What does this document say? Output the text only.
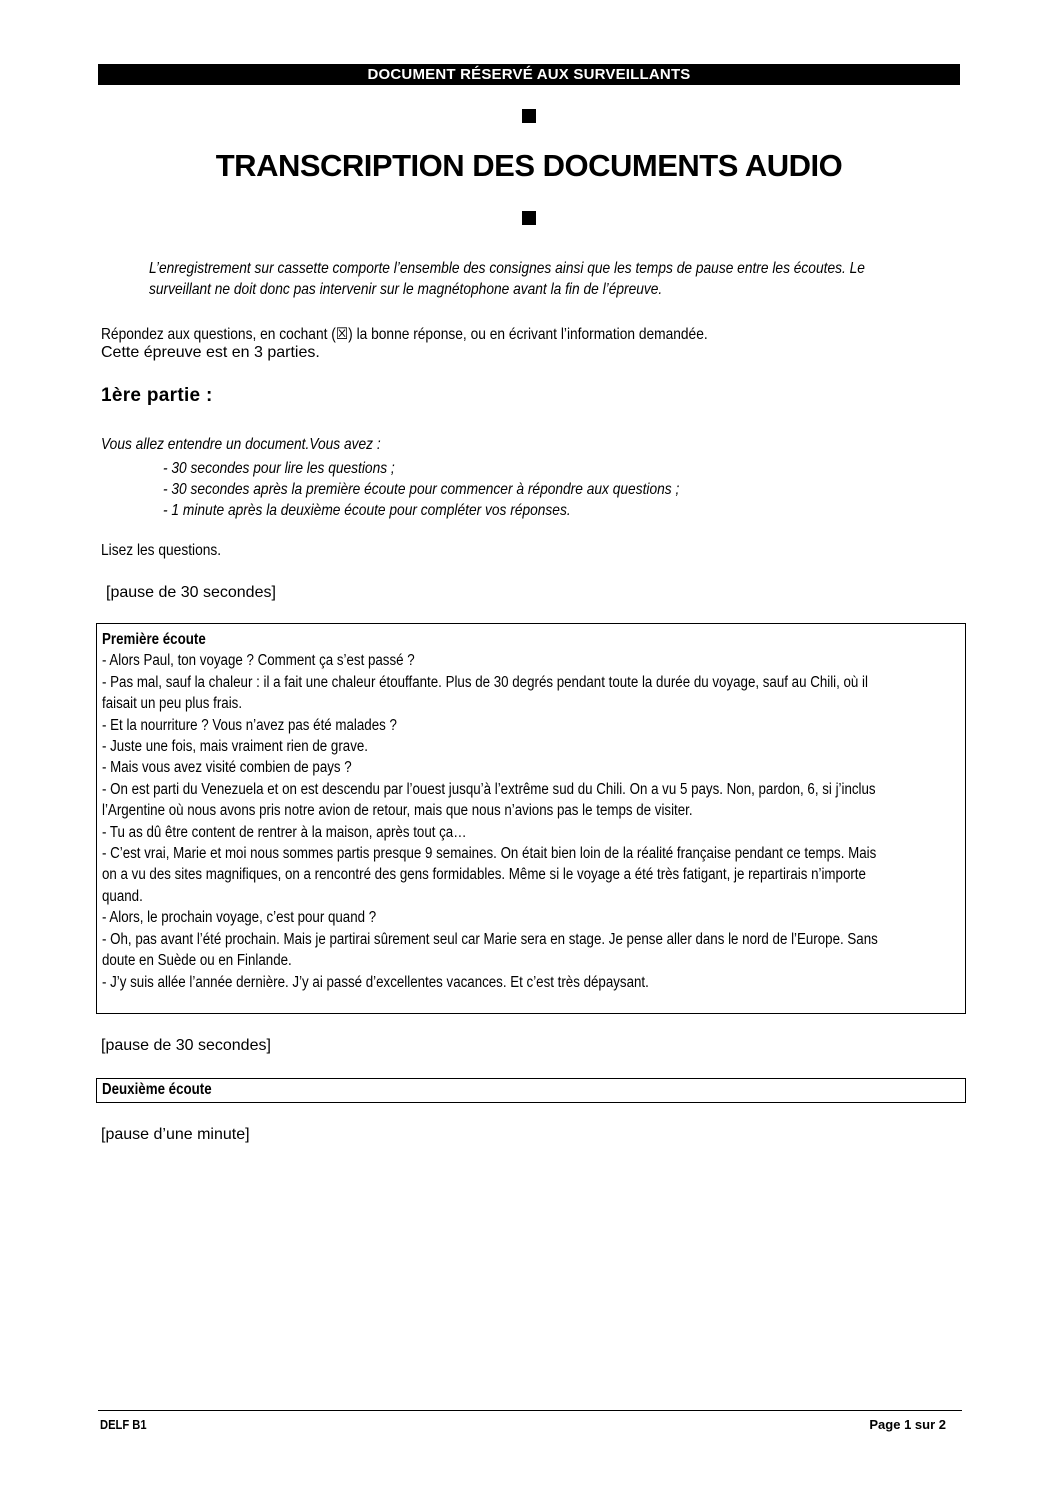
DOCUMENT RÉSERVÉ AUX SURVEILLANTS
TRANSCRIPTION DES DOCUMENTS AUDIO
L’enregistrement sur cassette comporte l’ensemble des consignes ainsi que les temps de pause entre les écoutes. Le
surveillant ne doit donc pas intervenir sur le magnétophone avant la fin de l’épreuve.
Répondez aux questions, en cochant (☒) la bonne réponse, ou en écrivant l’information demandée.
Cette épreuve est en 3 parties.
1ère partie :
Vous allez entendre un document.Vous avez :
- 30 secondes pour lire les questions ;
- 30 secondes après la première écoute pour commencer à répondre aux questions ;
- 1 minute après la deuxième écoute pour compléter vos réponses.
Lisez les questions.
[pause de 30 secondes]
Première écoute
- Alors Paul, ton voyage ? Comment ça s’est passé ?
- Pas mal, sauf la chaleur : il a fait une chaleur étouffante. Plus de 30 degrés pendant toute la durée du voyage, sauf au Chili, où il
faisait un peu plus frais.
- Et la nourriture ? Vous n’avez pas été malades ?
- Juste une fois, mais vraiment rien de grave.
- Mais vous avez visité combien de pays ?
- On est parti du Venezuela et on est descendu par l’ouest jusqu’à l’extrême sud du Chili. On a vu 5 pays. Non, pardon, 6, si j’inclus
l’Argentine où nous avons pris notre avion de retour, mais que nous n’avions pas le temps de visiter.
- Tu as dû être content de rentrer à la maison, après tout ça…
- C’est vrai, Marie et moi nous sommes partis presque 9 semaines. On était bien loin de la réalité française pendant ce temps. Mais
on a vu des sites magnifiques, on a rencontré des gens formidables. Même si le voyage a été très fatigant, je repartirais n’importe
quand.
- Alors, le prochain voyage, c’est pour quand ?
- Oh, pas avant l’été prochain. Mais je partirai sûrement seul car Marie sera en stage. Je pense aller dans le nord de l’Europe. Sans
doute en Suède ou en Finlande.
- J’y suis allée l’année dernière. J’y ai passé d’excellentes vacances. Et c’est très dépaysant.
[pause de 30 secondes]
Deuxième écoute
[pause d’une minute]
DELF B1	Page 1 sur 2
